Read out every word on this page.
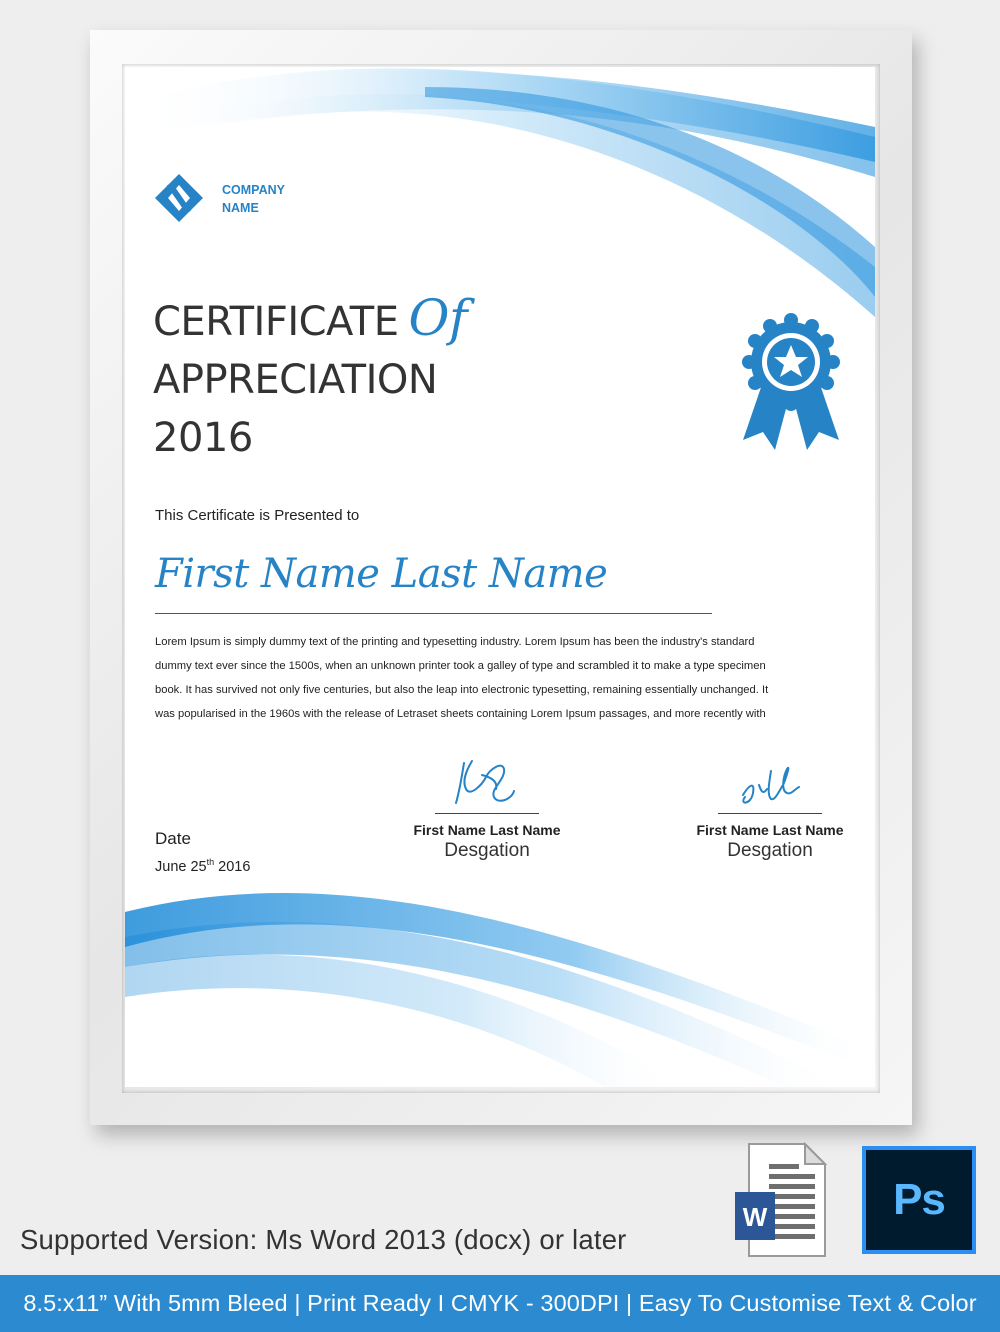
COMPANY
NAME
CERTIFICATE Of
APPRECIATION
2016
This Certificate is Presented to
First Name Last Name
Lorem Ipsum is simply dummy text of the printing and typesetting industry. Lorem Ipsum has been the industry's standard
dummy text ever since the 1500s, when an unknown printer took a galley of type and scrambled it to make a type specimen
book. It has survived not only five centuries, but also the leap into electronic typesetting, remaining essentially unchanged. It
was popularised in the 1960s with the release of Letraset sheets containing Lorem Ipsum passages, and more recently with
Date
June 25th 2016
First Name Last Name
Desgation
First Name Last Name
Desgation
Supported Version: Ms Word 2013 (docx) or later
W	Ps
8.5:x11” With 5mm Bleed | Print Ready I CMYK - 300DPI | Easy To Customise Text & Color
